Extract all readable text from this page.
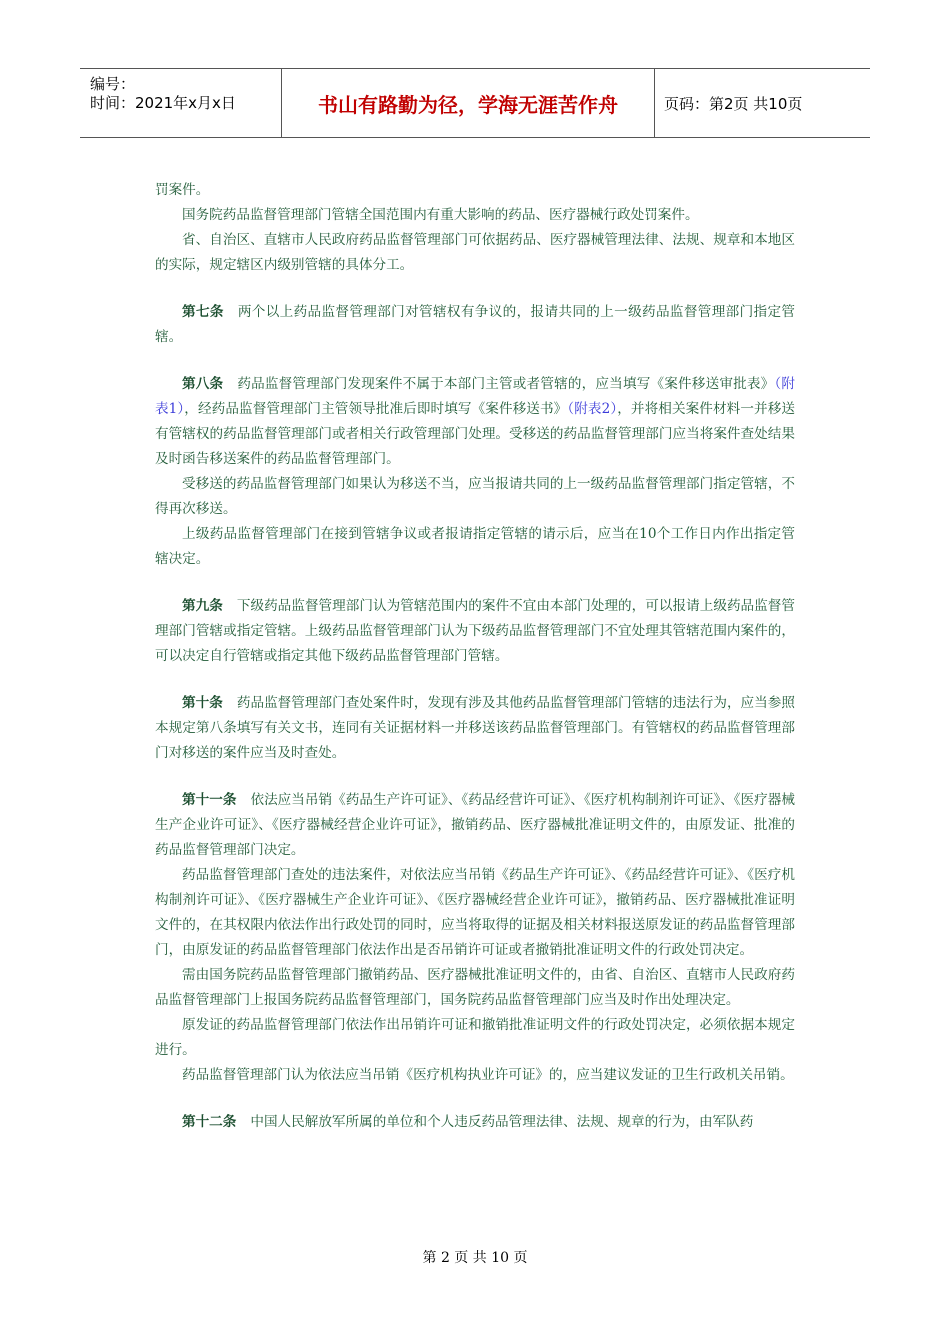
编号：
时间：2021年x月x日	书山有路勤为径，学海无涯苦作舟	页码：第2页 共10页

罚案件。

国务院药品监督管理部门管辖全国范围内有重大影响的药品、医疗器械行政处罚案件。

省、自治区、直辖市人民政府药品监督管理部门可依据药品、医疗器械管理法律、法规、规章和本地区的实际，规定辖区内级别管辖的具体分工。

第七条 两个以上药品监督管理部门对管辖权有争议的，报请共同的上一级药品监督管理部门指定管辖。

第八条 药品监督管理部门发现案件不属于本部门主管或者管辖的，应当填写《案件移送审批表》（附表1），经药品监督管理部门主管领导批准后即时填写《案件移送书》（附表2），并将相关案件材料一并移送有管辖权的药品监督管理部门或者相关行政管理部门处理。受移送的药品监督管理部门应当将案件查处结果及时函告移送案件的药品监督管理部门。

受移送的药品监督管理部门如果认为移送不当，应当报请共同的上一级药品监督管理部门指定管辖，不得再次移送。

上级药品监督管理部门在接到管辖争议或者报请指定管辖的请示后，应当在10个工作日内作出指定管辖决定。

第九条 下级药品监督管理部门认为管辖范围内的案件不宜由本部门处理的，可以报请上级药品监督管理部门管辖或指定管辖。上级药品监督管理部门认为下级药品监督管理部门不宜处理其管辖范围内案件的，可以决定自行管辖或指定其他下级药品监督管理部门管辖。

第十条 药品监督管理部门查处案件时，发现有涉及其他药品监督管理部门管辖的违法行为，应当参照本规定第八条填写有关文书，连同有关证据材料一并移送该药品监督管理部门。有管辖权的药品监督管理部门对移送的案件应当及时查处。

第十一条 依法应当吊销《药品生产许可证》、《药品经营许可证》、《医疗机构制剂许可证》、《医疗器械生产企业许可证》、《医疗器械经营企业许可证》，撤销药品、医疗器械批准证明文件的，由原发证、批准的药品监督管理部门决定。

药品监督管理部门查处的违法案件，对依法应当吊销《药品生产许可证》、《药品经营许可证》、《医疗机构制剂许可证》、《医疗器械生产企业许可证》、《医疗器械经营企业许可证》，撤销药品、医疗器械批准证明文件的，在其权限内依法作出行政处罚的同时，应当将取得的证据及相关材料报送原发证的药品监督管理部门，由原发证的药品监督管理部门依法作出是否吊销许可证或者撤销批准证明文件的行政处罚决定。

需由国务院药品监督管理部门撤销药品、医疗器械批准证明文件的，由省、自治区、直辖市人民政府药品监督管理部门上报国务院药品监督管理部门，国务院药品监督管理部门应当及时作出处理决定。

原发证的药品监督管理部门依法作出吊销许可证和撤销批准证明文件的行政处罚决定，必须依据本规定进行。

药品监督管理部门认为依法应当吊销《医疗机构执业许可证》的，应当建议发证的卫生行政机关吊销。

第十二条 中国人民解放军所属的单位和个人违反药品管理法律、法规、规章的行为，由军队药

第 2 页 共 10 页
